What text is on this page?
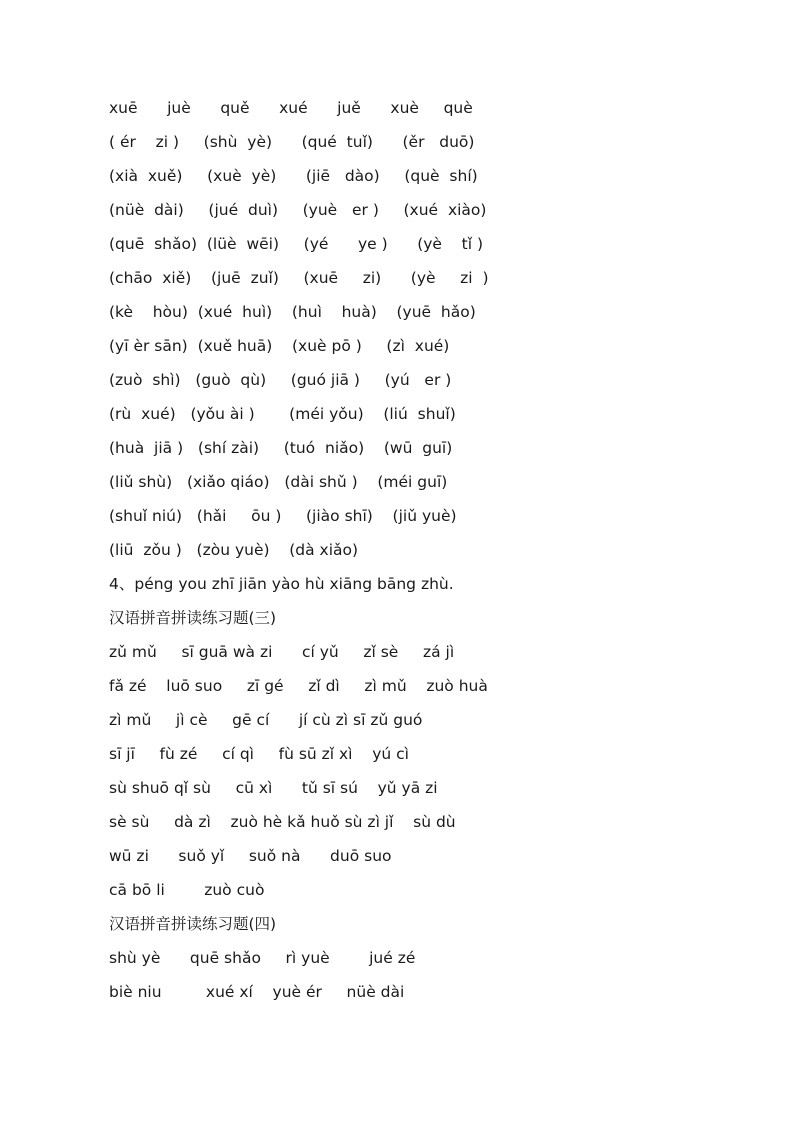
xuē      juè      quě      xué      juě      xuè     què
( ér    zi )     (shù  yè)      (qué  tuǐ)      (ěr   duō)
(xià  xuě)     (xuè  yè)      (jiē   dào)     (què  shí)
(nüè  dài)     (jué  duì)     (yuè   er )     (xué  xiào)
(quē  shǎo)  (lüè  wēi)     (yé      ye )      (yè    tǐ )
(chāo  xiě)    (juē  zuǐ)     (xuē     zi)      (yè     zi  )
(kè    hòu)  (xué  huì)    (huì    huà)    (yuē  hǎo)
(yī èr sān)  (xuě huā)    (xuè pō )     (zì  xué)
(zuò  shì)   (guò  qù)     (guó jiā )     (yú   er )
(rù  xué)   (yǒu ài )       (méi yǒu)    (liú  shuǐ)
(huà  jiā )   (shí zài)     (tuó  niǎo)    (wū  guī)
(liǔ shù)   (xiǎo qiáo)   (dài shǔ )    (méi guī)
(shuǐ niú)   (hǎi     ōu )     (jiào shī)    (jiǔ yuè)
(liū  zǒu )   (zòu yuè)    (dà xiǎo)
4、péng you zhī jiān yào hù xiāng bāng zhù.
汉语拼音拼读练习题(三)
zǔ mǔ     sī guā wà zi      cí yǔ     zǐ sè     zá jì
fǎ zé    luō suo     zī gé     zǐ dì     zì mǔ    zuò huà
zì mǔ     jì cè     gē cí      jí cù zì sī zǔ guó
sī jī     fù zé     cí qì     fù sū zǐ xì    yú cì
sù shuō qǐ sù     cū xì      tǔ sī sú    yǔ yā zi
sè sù     dà zì    zuò hè kǎ huǒ sù zì jǐ    sù dù
wū zi      suǒ yǐ     suǒ nà      duō suo
cā bō li        zuò cuò
汉语拼音拼读练习题(四)
shù yè      quē shǎo     rì yuè        jué zé
biè niu         xué xí    yuè ér     nüè dài
